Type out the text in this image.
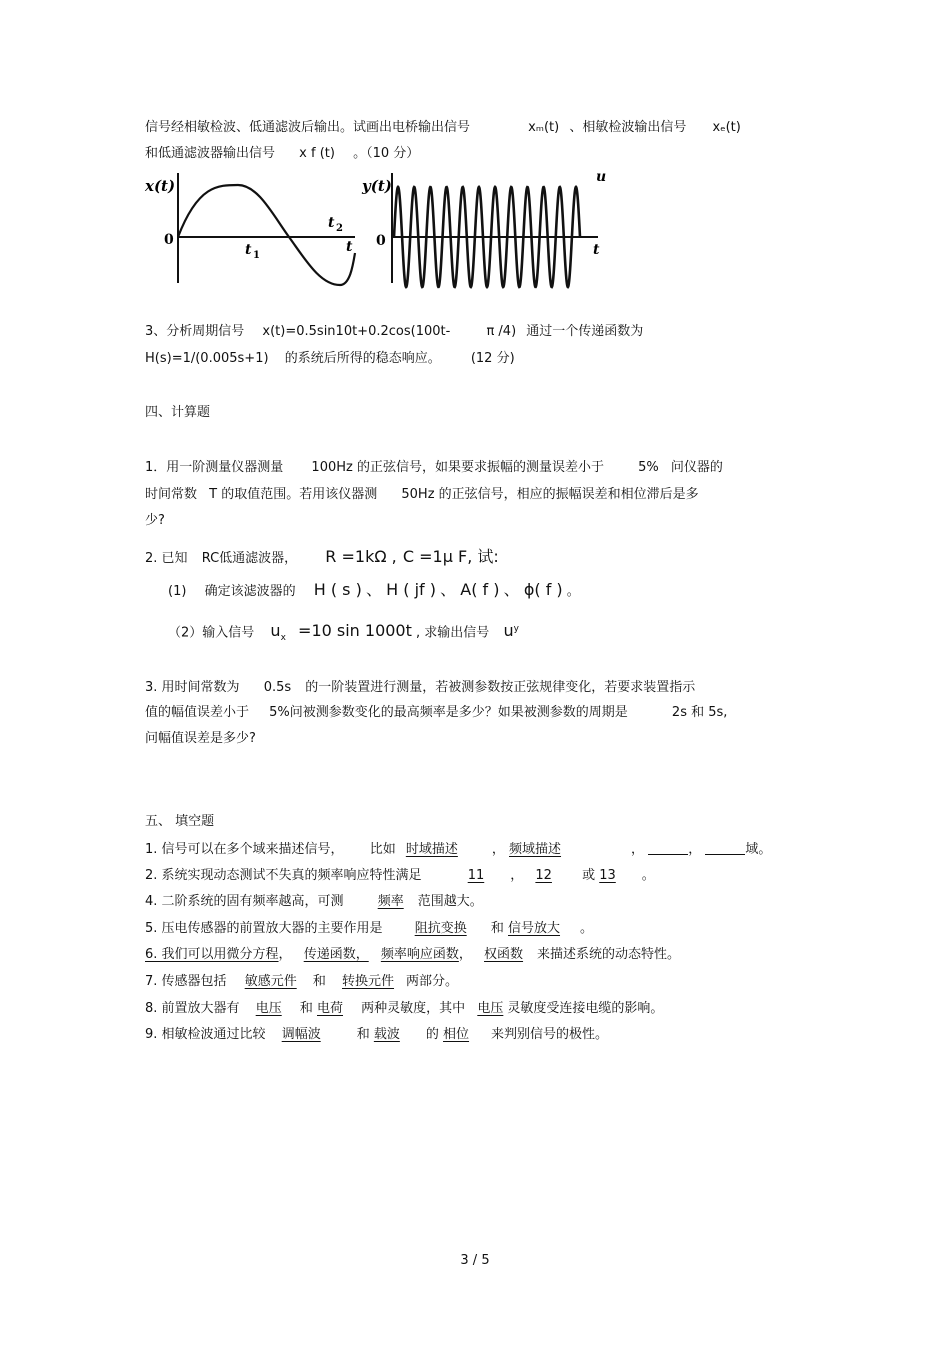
信号经相敏检波、低通滤波后输出。试画出电桥输出信号	xₘ(t) 、相敏检波输出信号 xₑ(t)
和低通滤波器输出信号 x f (t) 。（10 分）
x(t)
0
t 1
t 2
t
y(t)
0
t
u
3、分析周期信号 x(t)=0.5sin10t+0.2cos(100t-	π /4) 通过一个传递函数为
H(s)=1/(0.005s+1) 的系统后所得的稳态响应。 (12 分)
四、计算题
1．用一阶测量仪器测量 100Hz 的正弦信号，如果要求振幅的测量误差小于	5% 问仪器的
时间常数 T 的取值范围。若用该仪器测 50Hz 的正弦信号，相应的振幅误差和相位滞后是多
少?
2. 已知 RC低通滤波器， R =1kΩ , C =1μ F, 试:
(1) 确定该滤波器的 H ( s ) 、 H ( jf ) 、 A( f ) 、 ϕ( f ) 。
（2）输入信号 $u_x =10$ sin 1000t , 求输出信号 $u^y$
3. 用时间常数为 0.5s 的一阶装置进行测量，若被测参数按正弦规律变化，若要求装置指示
值的幅值误差小于 5%问被测参数变化的最高频率是多少？如果被测参数的周期是	2s 和 5s,
问幅值误差是多少?
五、 填空题
1. 信号可以在多个域来描述信号， 比如 时域描述	， 频域描述	，	，	域。
2. 系统实现动态测试不失真的频率响应特性满足	11 ， 12 或 13 。
4. 二阶系统的固有频率越高，可测	频率 范围越大。
5. 压电传感器的前置放大器的主要作用是 阻抗变换 和 信号放大 。
6. 我们可以用微分方程， 传递函数， 频率响应函数， 权函数 来描述系统的动态特性。
7. 传感器包括 敏感元件 和 转换元件 两部分。
8. 前置放大器有 电压 和 电荷 两种灵敏度，其中 电压 灵敏度受连接电缆的影响。
9. 相敏检波通过比较 调幅波	和 载波 的 相位 来判别信号的极性。
3 / 5
